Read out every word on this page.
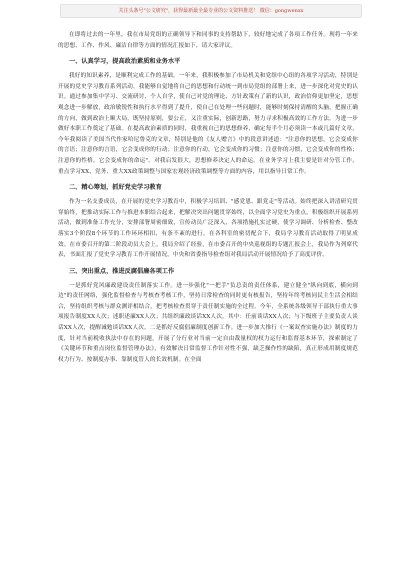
关注头条号"公文研究"，获得最新最全最专业的公文资料推送！ 微信：gongwenxx

在即将过去的一年里，我在市局党组的正确领导下和同事的支持帮助下，较好地完成了各项工作任务。现将一年来的思想、工作、作风、廉洁自律等方面的情况汇报如下，请大家评议。

一、认真学习，提高政治素质和业务水平

我好的知识素养，是顺利完成工作的基础。一年来，我积极参加了市局机关和党组中心组的各项学习活动，特别是开展的党史学习教育系列活动，我能够自觉地将自己的思想和行动统一到市局党组的部署上来，进一步深化对党史的认识。通过参加集中学习、交流研讨、个人自学，使自己对党的理论、方针政策有了新的认识，政治信仰更加坚定，思想观念进一步解放，政治敏锐性和执行水平得到了提升，使自己在处理一些问题时，能够时刻保持清醒的头脑，把握正确的方向，做到政治上顺大局，既坚持原则，要公正，又注重实际，创新思路，努力寻求积极高效的工作方法。为进一步做好本职工作奠定了基础。在提高政治素质的同时，我重视自己的思想修养，确定每半个月必须读一本或几篇好文章，今年我阅读了美国当代作家哈尼鲁克的文章，特别是他的《友人赠言》中的段意讲述道："注意你的思想，它会变成你的言语；注意你的言语，它会变成你的行动；注意你的行动，它会变成你的习惯；注意你的习惯，它会变成你的性格；注意你的性格，它会变成你的命运"。对我启发很大，思想修养决定人的命运。在业务学习上我主要是针对分管工作，重点学习XX、党务、重大XX政策调整与国家宏观经济政策调整等方面的内容，用以指导日常工作。

二、精心筹划，抓好党史学习教育

作为一名支委成员，在开展的党史学习教育中，积极学习培训、"感党恩、跟党走"等活动。始终把深入讲清研究贯穿始终，把推动实际工作与推进本职结合起来，把解决突出问题贯穿始终，以全面学习党史为重点，积极组织开展系列活动，做到准备工作充分，安排部署周密细致，宣传动员广泛深入，各项措施扎实过硬，使学习调研、分析检查、整改落实3个阶段8个环节的工作环环相扣，有条不紊的进行。在各科室的密切配合下，我局学习教育活动取得了明显成效。在市委召开的第二阶段动员大会上，我局介绍了经验，在市委召开的中央巡视组的专题汇报会上，我局作为列席代表，书面汇报了党史学习教育工作开展情况，中央和省委指导检查组对我局活动开展情况给予了高度评价。

三、突出重点，推进反腐倡廉各项工作

一是抓好党风廉政建设责任制落实工作。进一步强化"一把手"负总责的责任体系，建立健全"纵向到底，横向到边"的责任网络，强化监督检查与考核查考核工作，坚持日常检查的同时更有核报告，坚持年终考核同民主生活会相结合，坚持组织考核与群众测评相结合，把考核检查贯穿于责任制实施的全过程。今年，全系统各级领导干部执行重大事项报告制度XX人次；述职述廉XX人次；共组织廉政谈话XX人次。其中：任前谈话XX人次；与下级班子主要负责人谈话XX人次，提醒诫勉谈话XX人次。二是抓好反腐倡廉制度创新工作。进一步加大推行《一案双查实施办法》制度的力度，针对当前税收执法中存在的问题，开展了分行业对当前一定自由裁量权的权力运行和监督基本环节，探索制定了《关键环节和重点岗位监督管理办法》，有效解决日常监督工作针对性不强，缺乏操作性的缺陷，真正形成用制度规范权力行为、按制度办事、靠制度管人的长效机制。在全面
